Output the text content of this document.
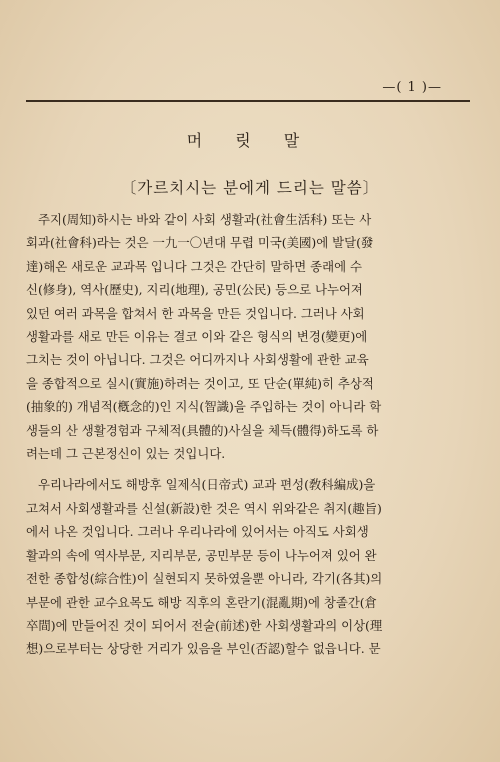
—( 1 )—
머 릿 말
〔가르치시는 분에게 드리는 말씀〕
주지(周知)하시는 바와 같이 사회 생활과(社會生活科) 또는 사
회과(社會科)라는 것은 一九一〇년대 무렵 미국(美國)에 발달(發
達)해온 새로운 교과목 입니다 그것은 간단히 말하면 종래에 수
신(修身), 역사(歷史), 지리(地理), 공민(公民) 등으로 나누어져
있던 여러 과목을 합쳐서 한 과목을 만든 것입니다. 그러나 사회
생활과를 새로 만든 이유는 결코 이와 같은 형식의 변경(變更)에
그치는 것이 아닙니다. 그것은 어디까지나 사회생활에 관한 교육
을 종합적으로 실시(實施)하려는 것이고, 또 단순(單純)히 추상적
(抽象的) 개념적(槪念的)인 지식(智識)을 주입하는 것이 아니라 학
생들의 산 생활경험과 구체적(具體的)사실을 체득(體得)하도록 하
려는데 그 근본정신이 있는 것입니다.
우리나라에서도 해방후 일제식(日帝式) 교과 편성(敎科編成)을
고쳐서 사회생활과를 신설(新設)한 것은 역시 위와같은 취지(趣旨)
에서 나온 것입니다. 그러나 우리나라에 있어서는 아직도 사회생
활과의 속에 역사부문, 지리부문, 공민부문 등이 나누어져 있어 완
전한 종합성(綜合性)이 실현되지 못하였을뿐 아니라, 각기(各其)의
부문에 관한 교수요목도 해방 직후의 혼란기(混亂期)에 창졸간(倉
卒間)에 만들어진 것이 되어서 전술(前述)한 사회생활과의 이상(理
想)으로부터는 상당한 거리가 있음을 부인(否認)할수 없읍니다. 문
